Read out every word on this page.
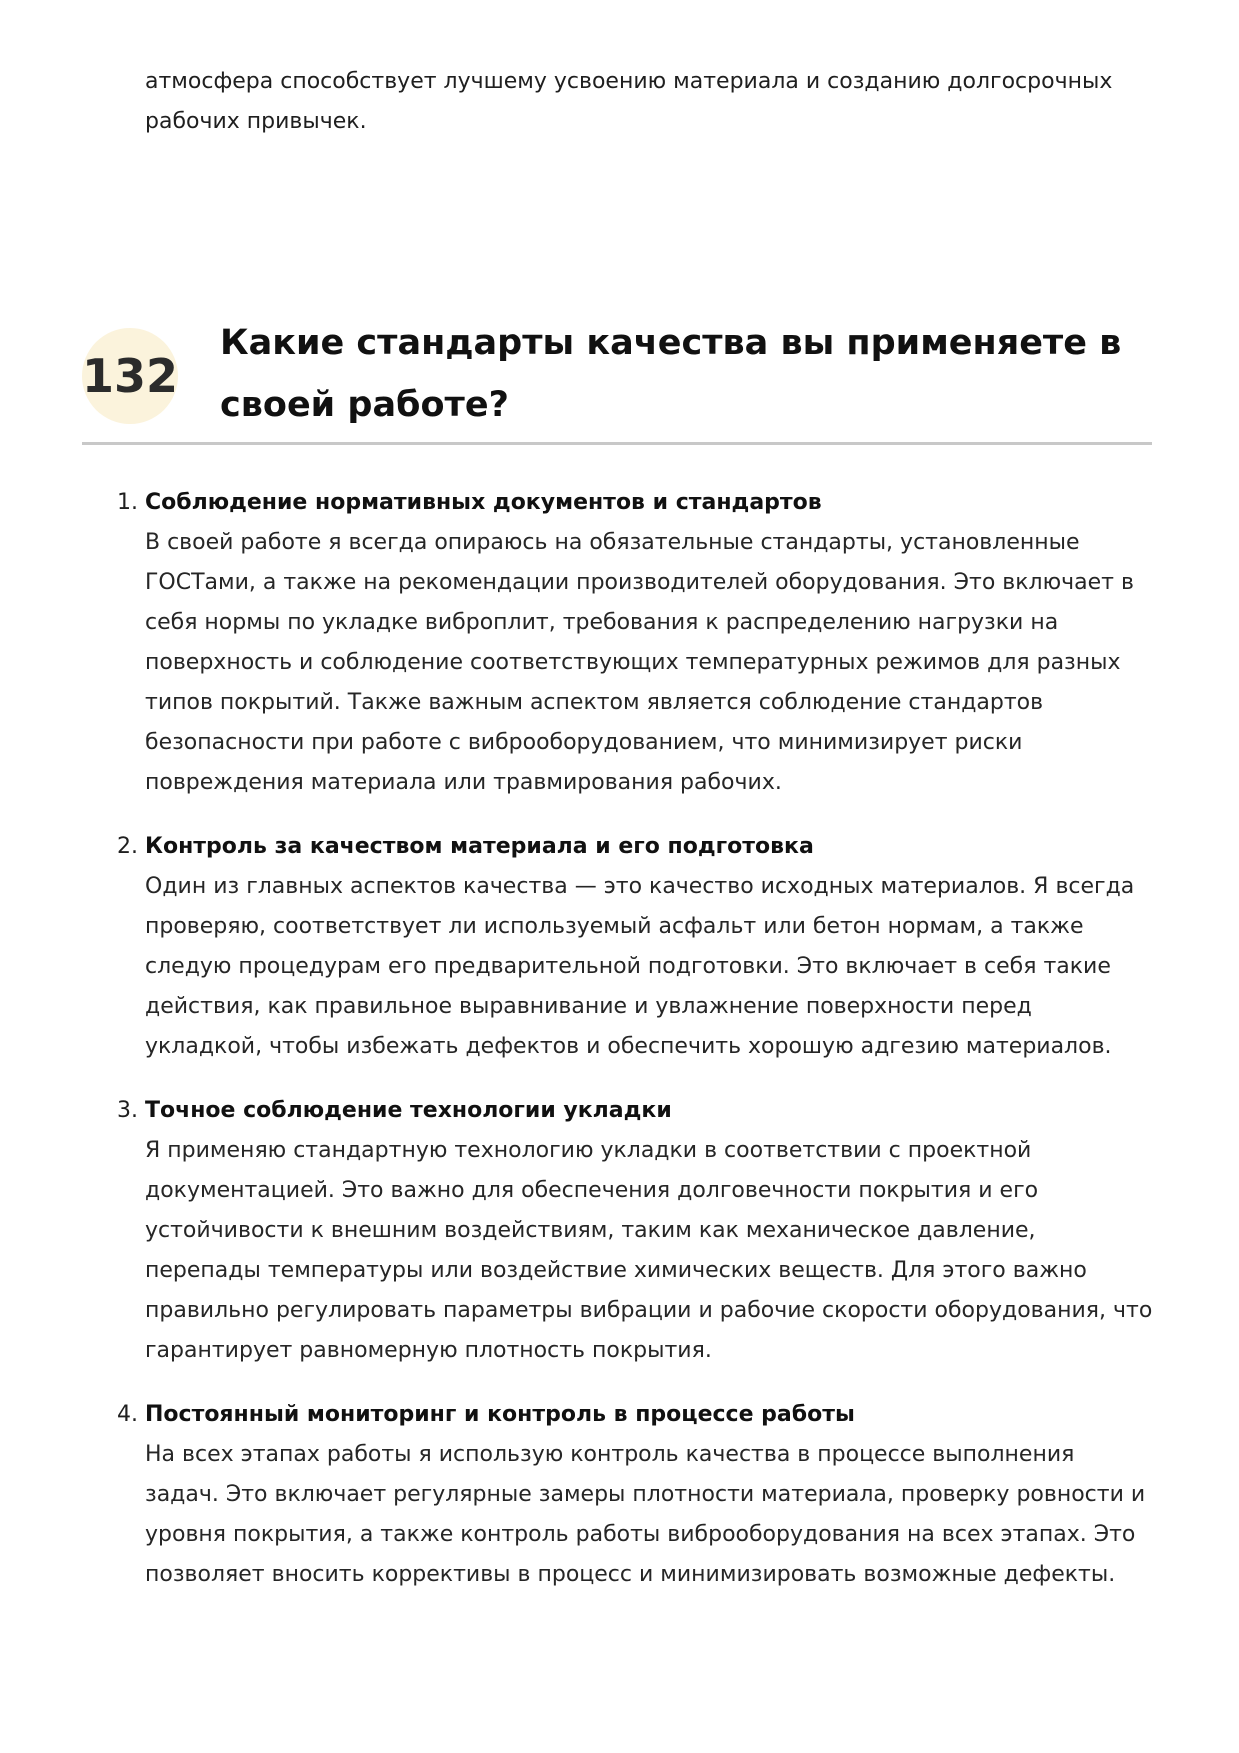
атмосфера способствует лучшему усвоению материала и созданию долгосрочных рабочих привычек.

132
Какие стандарты качества вы применяете в своей работе?
1. Соблюдение нормативных документов и стандартов

В своей работе я всегда опираюсь на обязательные стандарты, установленные ГОСТами, а также на рекомендации производителей оборудования. Это включает в себя нормы по укладке виброплит, требования к распределению нагрузки на поверхность и соблюдение соответствующих температурных режимов для разных типов покрытий. Также важным аспектом является соблюдение стандартов безопасности при работе с виброоборудованием, что минимизирует риски повреждения материала или травмирования рабочих.

2. Контроль за качеством материала и его подготовка

Один из главных аспектов качества — это качество исходных материалов. Я всегда проверяю, соответствует ли используемый асфальт или бетон нормам, а также следую процедурам его предварительной подготовки. Это включает в себя такие действия, как правильное выравнивание и увлажнение поверхности перед укладкой, чтобы избежать дефектов и обеспечить хорошую адгезию материалов.

3. Точное соблюдение технологии укладки

Я применяю стандартную технологию укладки в соответствии с проектной документацией. Это важно для обеспечения долговечности покрытия и его устойчивости к внешним воздействиям, таким как механическое давление, перепады температуры или воздействие химических веществ. Для этого важно правильно регулировать параметры вибрации и рабочие скорости оборудования, что гарантирует равномерную плотность покрытия.

4. Постоянный мониторинг и контроль в процессе работы

На всех этапах работы я использую контроль качества в процессе выполнения задач. Это включает регулярные замеры плотности материала, проверку ровности и уровня покрытия, а также контроль работы виброоборудования на всех этапах. Это позволяет вносить коррективы в процесс и минимизировать возможные дефекты.
